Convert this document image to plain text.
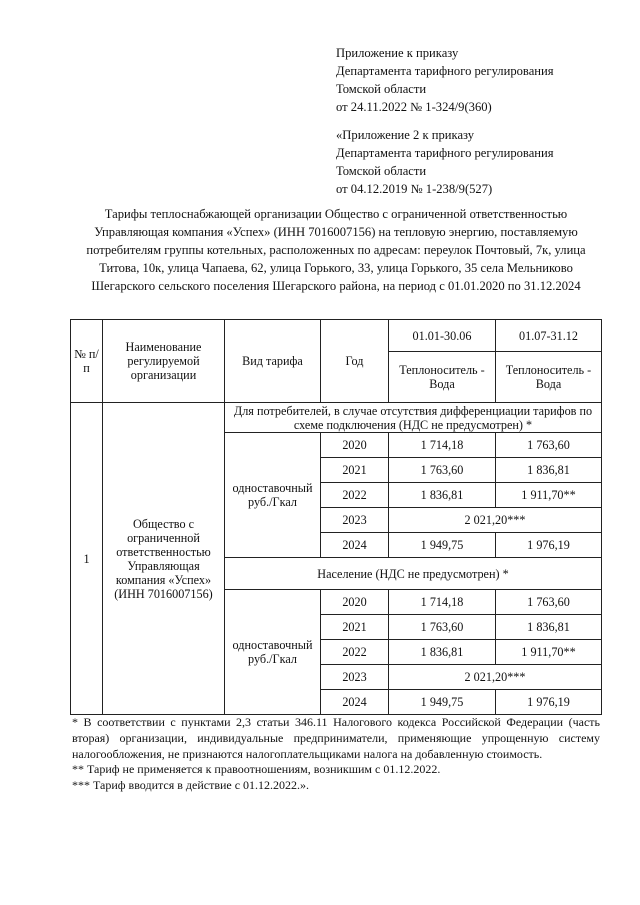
Приложение к приказу
Департамента тарифного регулирования
Томской области
от 24.11.2022 № 1-324/9(360)
«Приложение 2 к приказу
Департамента тарифного регулирования
Томской области
от 04.12.2019 № 1-238/9(527)
Тарифы теплоснабжающей организации Общество с ограниченной ответственностью Управляющая компания «Успех» (ИНН 7016007156) на тепловую энергию, поставляемую потребителям группы котельных, расположенных по адресам: переулок Почтовый, 7к, улица Титова, 10к, улица Чапаева, 62, улица Горького, 33, улица Горького, 35 села Мельниково Шегарского сельского поселения Шегарского района, на период с 01.01.2020 по 31.12.2024
№ п/п	Наименование регулируемой организации	Вид тарифа	Год	01.01-30.06	01.07-31.12
				Теплоноситель - Вода	Теплоноситель - Вода
1	Общество с ограниченной ответственностью Управляющая компания «Успех» (ИНН 7016007156)	Для потребителей, в случае отсутствия дифференциации тарифов по схеме подключения (НДС не предусмотрен) *			
		одноставочный руб./Гкал	2020	1 714,18	1 763,60
			2021	1 763,60	1 836,81
			2022	1 836,81	1 911,70**
			2023	2 021,20***	
			2024	1 949,75	1 976,19
		Население (НДС не предусмотрен) *			
		одноставочный руб./Гкал	2020	1 714,18	1 763,60
			2021	1 763,60	1 836,81
			2022	1 836,81	1 911,70**
			2023	2 021,20***	
			2024	1 949,75	1 976,19

* В соответствии с пунктами 2,3 статьи 346.11 Налогового кодекса Российской Федерации (часть вторая) организации, индивидуальные предприниматели, применяющие упрощенную систему налогообложения, не признаются налогоплательщиками налога на добавленную стоимость.

** Тариф не применяется к правоотношениям, возникшим с 01.12.2022.

*** Тариф вводится в действие с 01.12.2022.».
